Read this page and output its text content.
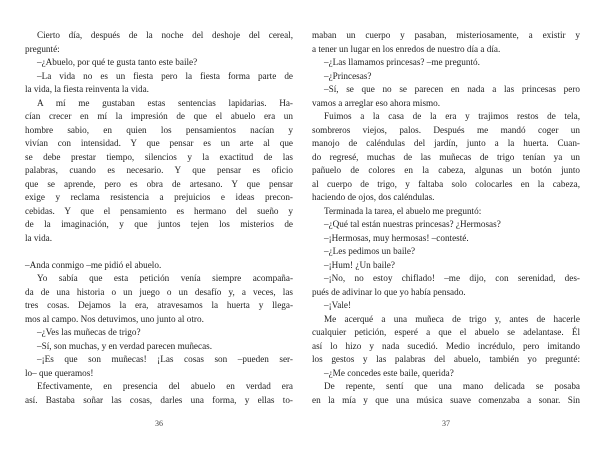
Cierto día, después de la noche del deshoje del cereal,
pregunté:
–¿Abuelo, por qué te gusta tanto este baile?
–La vida no es un fiesta pero la fiesta forma parte de
la vida, la fiesta reinventa la vida.
A mí me gustaban estas sentencias lapidarias. Ha-
cían crecer en mí la impresión de que el abuelo era un
hombre sabio, en quien los pensamientos nacían y
vivían con intensidad. Y que pensar es un arte al que
se debe prestar tiempo, silencios y la exactitud de las
palabras, cuando es necesario. Y que pensar es oficio
que se aprende, pero es obra de artesano. Y que pensar
exige y reclama resistencia a prejuicios e ideas precon-
cebidas. Y que el pensamiento es hermano del sueño y
de la imaginación, y que juntos tejen los misterios de
la vida.
–Anda conmigo –me pidió el abuelo.
Yo sabía que esta petición venía siempre acompaña-
da de una historia o un juego o un desafío y, a veces, las
tres cosas. Dejamos la era, atravesamos la huerta y llega-
mos al campo. Nos detuvimos, uno junto al otro.
–¿Ves las muñecas de trigo?
–Sí, son muchas, y en verdad parecen muñecas.
–¡Es que son muñecas! ¡Las cosas son –pueden ser-
lo– que queramos!
Efectivamente, en presencia del abuelo en verdad era
así. Bastaba soñar las cosas, darles una forma, y ellas to-
36
maban un cuerpo y pasaban, misteriosamente, a existir y
a tener un lugar en los enredos de nuestro día a día.
–¿Las llamamos princesas? –me preguntó.
–¿Princesas?
–Sí, se que no se parecen en nada a las princesas pero
vamos a arreglar eso ahora mismo.
Fuimos a la casa de la era y trajimos restos de tela,
sombreros viejos, palos. Después me mandó coger un
manojo de caléndulas del jardín, junto a la huerta. Cuan-
do regresé, muchas de las muñecas de trigo tenían ya un
pañuelo de colores en la cabeza, algunas un botón junto
al cuerpo de trigo, y faltaba solo colocarles en la cabeza,
haciendo de ojos, dos caléndulas.
Terminada la tarea, el abuelo me preguntó:
–¿Qué tal están nuestras princesas? ¿Hermosas?
–¡Hermosas, muy hermosas! –contesté.
–¿Les pedimos un baile?
–¡Hum! ¿Un baile?
–¡No, no estoy chiflado! –me dijo, con serenidad, des-
pués de adivinar lo que yo había pensado.
–¡Vale!
Me acerqué a una muñeca de trigo y, antes de hacerle
cualquier petición, esperé a que el abuelo se adelantase. Él
así lo hizo y nada sucedió. Medio incrédulo, pero imitando
los gestos y las palabras del abuelo, también yo pregunté:
–¿Me concedes este baile, querida?
De repente, sentí que una mano delicada se posaba
en la mía y que una música suave comenzaba a sonar. Sin
37
